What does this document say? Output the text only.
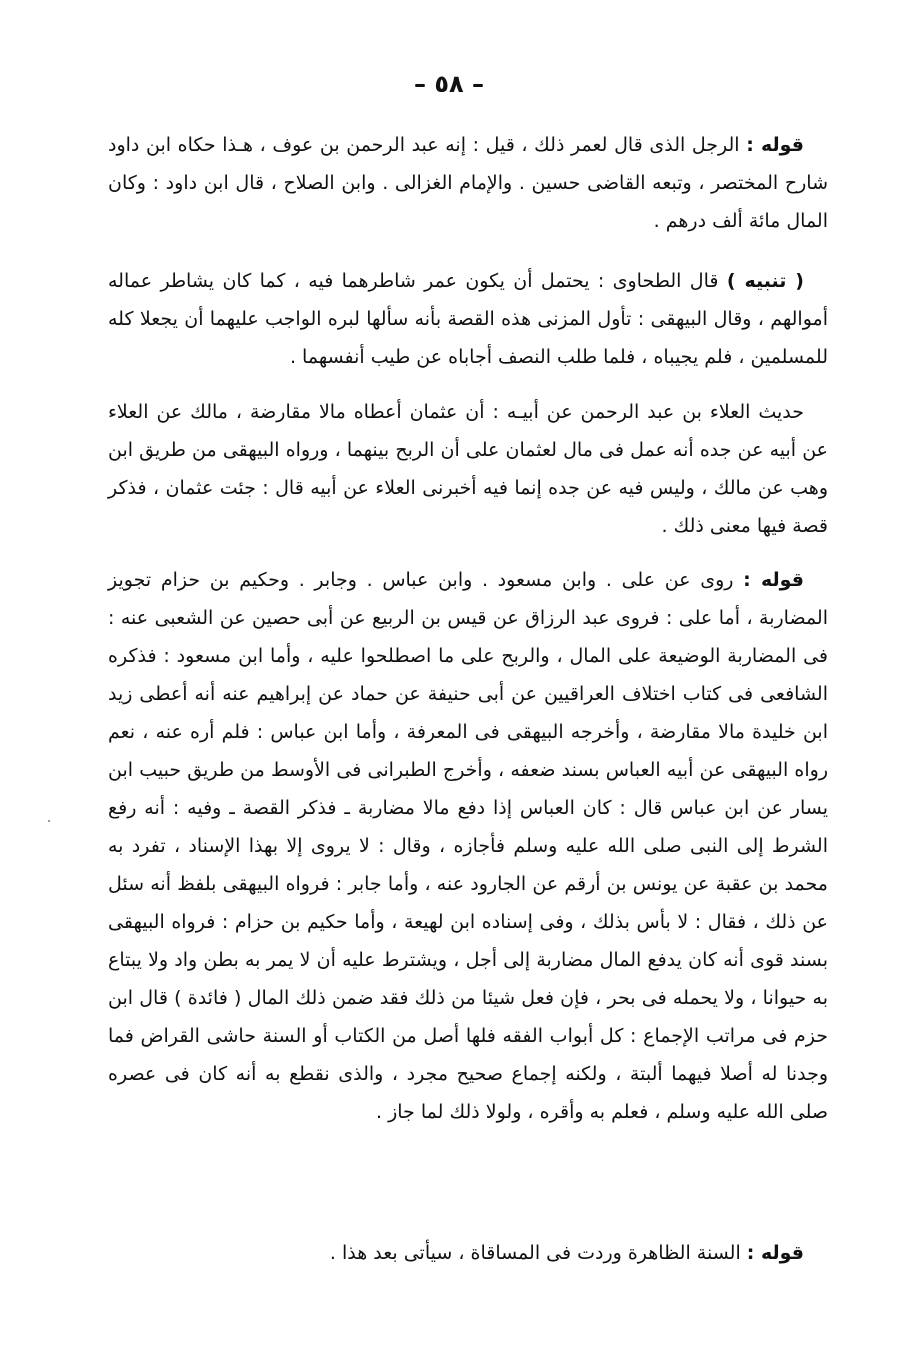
– ٥٨ –

قوله : الرجل الذى قال لعمر ذلك ، قيل : إنه عبد الرحمن بن عوف ، هـذا حكاه ابن داود شارح المختصر ، وتبعه القاضى حسين . والإمام الغزالى . وابن الصلاح ، قال ابن داود : وكان المال مائة ألف درهم .

( تنبيه ) قال الطحاوى : يحتمل أن يكون عمر شاطرهما فيه ، كما كان يشاطر عماله أموالهم ، وقال البيهقى : تأول المزنى هذه القصة بأنه سألها لبره الواجب عليهما أن يجعلا كله للمسلمين ، فلم يجيباه ، فلما طلب النصف أجاباه عن طيب أنفسهما .

حديث العلاء بن عبد الرحمن عن أبيـه : أن عثمان أعطاه مالا مقارضة ، مالك عن العلاء عن أبيه عن جده أنه عمل فى مال لعثمان على أن الربح بينهما ، ورواه البيهقى من طريق ابن وهب عن مالك ، وليس فيه عن جده إنما فيه أخبرنى العلاء عن أبيه قال : جئت عثمان ، فذكر قصة فيها معنى ذلك .

قوله : روى عن على . وابن مسعود . وابن عباس . وجابر . وحكيم بن حزام تجويز المضاربة ، أما على : فروى عبد الرزاق عن قيس بن الربيع عن أبى حصين عن الشعبى عنه : فى المضاربة الوضيعة على المال ، والربح على ما اصطلحوا عليه ، وأما ابن مسعود : فذكره الشافعى فى كتاب اختلاف العراقيين عن أبى حنيفة عن حماد عن إبراهيم عنه أنه أعطى زيد ابن خليدة مالا مقارضة ، وأخرجه البيهقى فى المعرفة ، وأما ابن عباس : فلم أره عنه ، نعم رواه البيهقى عن أبيه العباس بسند ضعفه ، وأخرج الطبرانى فى الأوسط من طريق حبيب ابن يسار عن ابن عباس قال : كان العباس إذا دفع مالا مضاربة ـ فذكر القصة ـ وفيه : أنه رفع الشرط إلى النبى صلى الله عليه وسلم فأجازه ، وقال : لا يروى إلا بهذا الإسناد ، تفرد به محمد بن عقبة عن يونس بن أرقم عن الجارود عنه ، وأما جابر : فرواه البيهقى بلفظ أنه سئل عن ذلك ، فقال : لا بأس بذلك ، وفى إسناده ابن لهيعة ، وأما حكيم بن حزام : فرواه البيهقى بسند قوى أنه كان يدفع المال مضاربة إلى أجل ، ويشترط عليه أن لا يمر به بطن واد ولا يبتاع به حيوانا ، ولا يحمله فى بحر ، فإن فعل شيئا من ذلك فقد ضمن ذلك المال ( فائدة ) قال ابن حزم فى مراتب الإجماع : كل أبواب الفقه فلها أصل من الكتاب أو السنة حاشى القراض فما وجدنا له أصلا فيهما ألبتة ، ولكنه إجماع صحيح مجرد ، والذى نقطع به أنه كان فى عصره صلى الله عليه وسلم ، فعلم به وأقره ، ولولا ذلك لما جاز .

قوله : السنة الظاهرة وردت فى المساقاة ، سيأتى بعد هذا .
